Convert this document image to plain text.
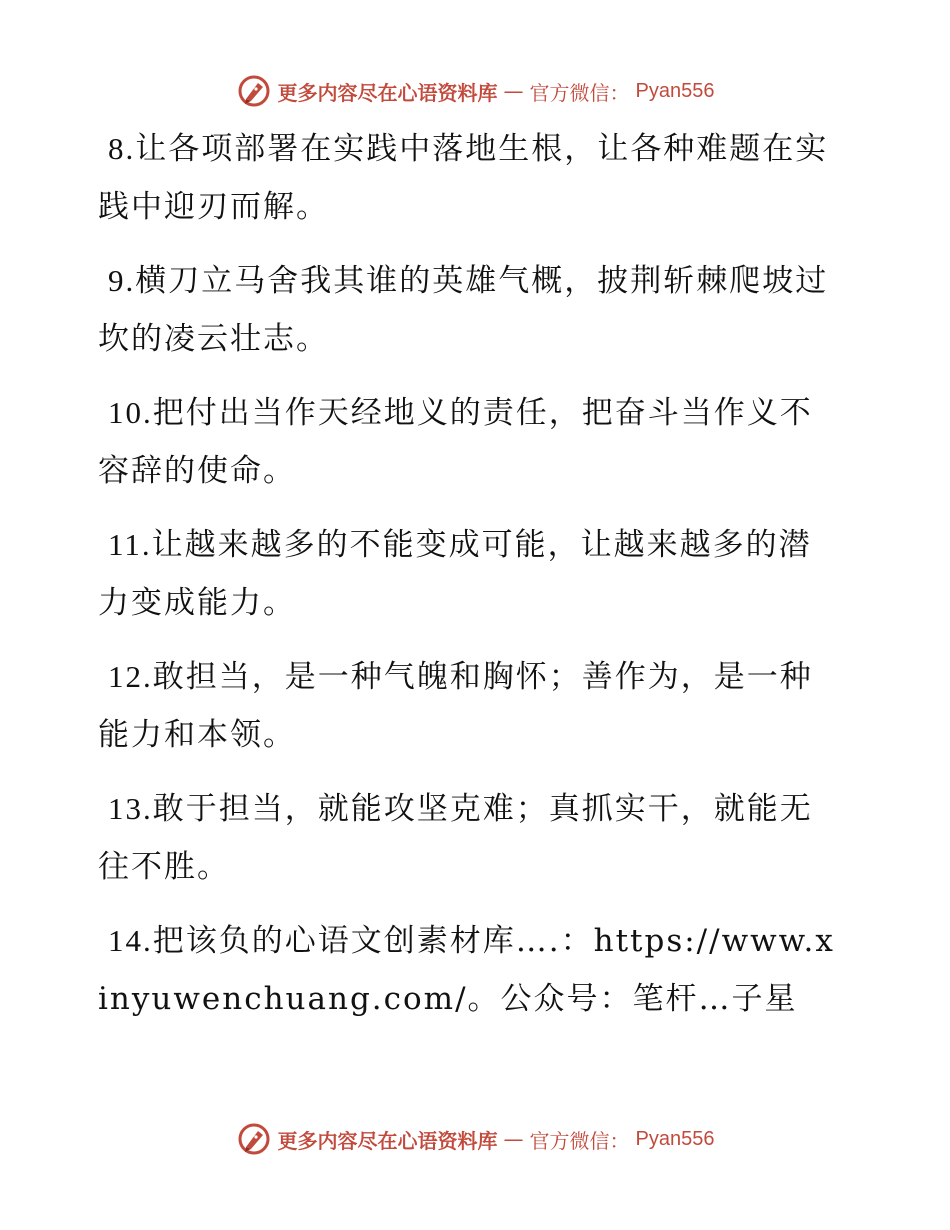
更多内容尽在心语资料库 — 官方微信： Pyan556

8.让各项部署在实践中落地生根，让各种难题在实践中迎刃而解。

9.横刀立马舍我其谁的英雄气概，披荆斩棘爬坡过坎的凌云壮志。

10.把付出当作天经地义的责任，把奋斗当作义不容辞的使命。

11.让越来越多的不能变成可能，让越来越多的潜力变成能力。

12.敢担当，是一种气魄和胸怀；善作为，是一种能力和本领。

13.敢于担当，就能攻坚克难；真抓实干，就能无往不胜。

14.把该负的心语文创素材库….：https://www.xinyuwenchuang.com/。公众号：笔杆…子星

更多内容尽在心语资料库 — 官方微信： Pyan556
